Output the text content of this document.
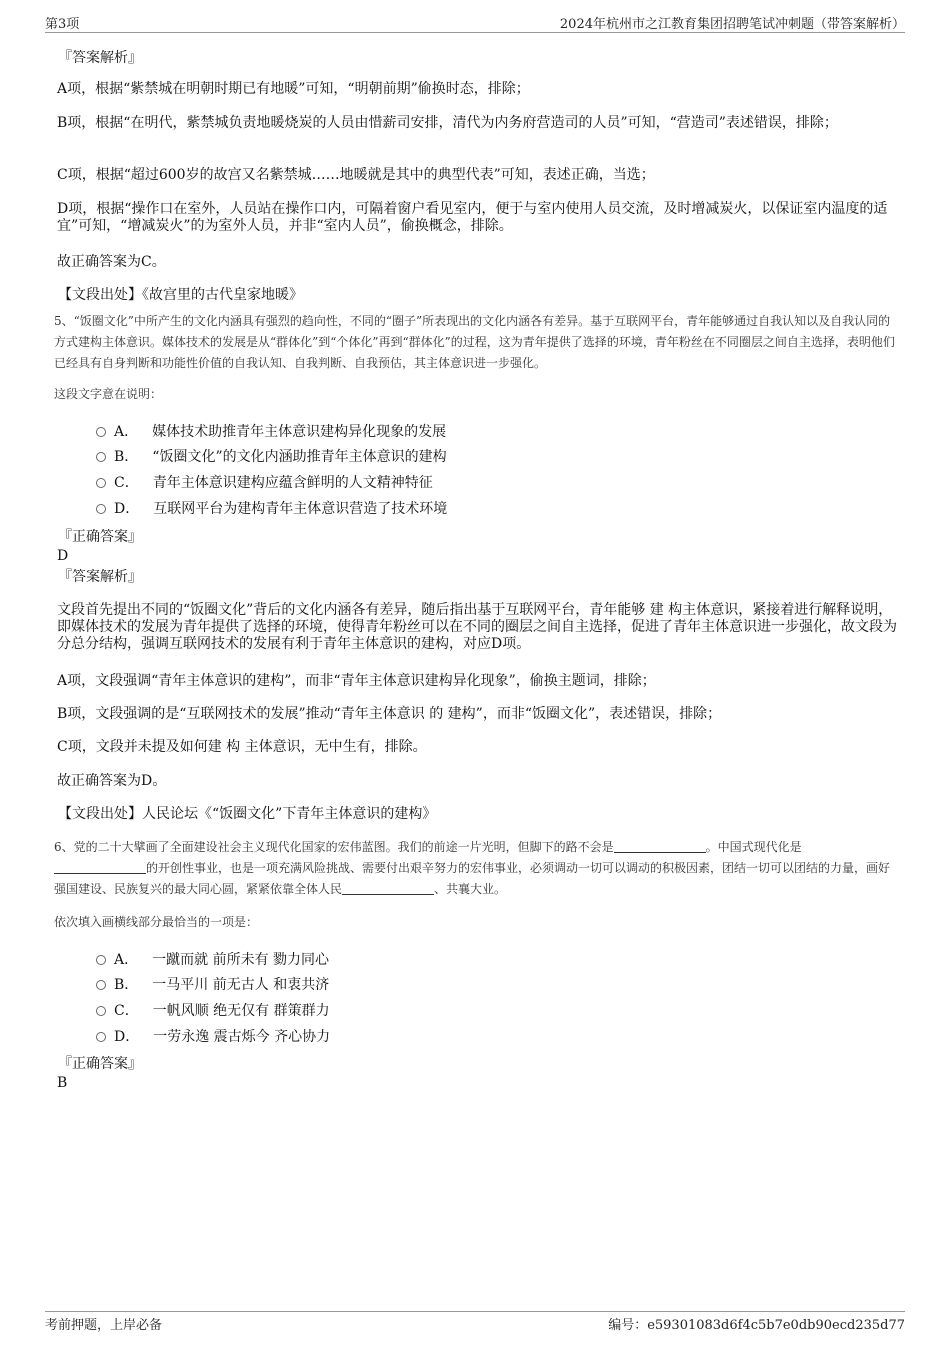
第3项	2024年杭州市之江教育集团招聘笔试冲刺题（带答案解析）
『答案解析』
A项，根据“紫禁城在明朝时期已有地暖”可知，“明朝前期”偷换时态，排除；
B项，根据“在明代，紫禁城负责地暖烧炭的人员由惜薪司安排，清代为内务府营造司的人员”可知，“营造司”表述错误，排除；
C项，根据“超过600岁的故宫又名紫禁城……地暖就是其中的典型代表”可知，表述正确，当选；
D项，根据“操作口在室外，人员站在操作口内，可隔着窗户看见室内，便于与室内使用人员交流，及时增减炭火，以保证室内温度的适宜”可知，“增减炭火”的为室外人员，并非“室内人员”，偷换概念，排除。
故正确答案为C。
【文段出处】《故宫里的古代皇家地暖》
5、“饭圈文化”中所产生的文化内涵具有强烈的趋向性，不同的“圈子”所表现出的文化内涵各有差异。基于互联网平台，青年能够通过自我认知以及自我认同的方式建构主体意识。媒体技术的发展是从“群体化”到“个体化”再到“群体化”的过程，这为青年提供了选择的环境，青年粉丝在不同圈层之间自主选择，表明他们已经具有自身判断和功能性价值的自我认知、自我判断、自我预估，其主体意识进一步强化。
这段文字意在说明：
A． 媒体技术助推青年主体意识建构异化现象的发展
B． “饭圈文化”的文化内涵助推青年主体意识的建构
C． 青年主体意识建构应蕴含鲜明的人文精神特征
D． 互联网平台为建构青年主体意识营造了技术环境
『正确答案』
D
『答案解析』
文段首先提出不同的“饭圈文化”背后的文化内涵各有差异，随后指出基于互联网平台，青年能够 建 构主体意识，紧接着进行解释说明，即媒体技术的发展为青年提供了选择的环境，使得青年粉丝可以在不同的圈层之间自主选择，促进了青年主体意识进一步强化，故文段为分总分结构，强调互联网技术的发展有利于青年主体意识的建构，对应D项。
A项，文段强调“青年主体意识的建构”，而非“青年主体意识建构异化现象”，偷换主题词，排除；
B项，文段强调的是“互联网技术的发展”推动“青年主体意识 的 建构”，而非“饭圈文化”，表述错误，排除；
C项，文段并未提及如何建 构 主体意识，无中生有，排除。
故正确答案为D。
【文段出处】人民论坛《“饭圈文化”下青年主体意识的建构》
6、党的二十大擘画了全面建设社会主义现代化国家的宏伟蓝图。我们的前途一片光明，但脚下的路不会是	。中国式现代化是
的开创性事业，也是一项充满风险挑战、需要付出艰辛努力的宏伟事业，必须调动一切可以调动的积极因素，团结一切可以团结的力量，画好强国建设、民族复兴的最大同心圆，紧紧依靠全体人民	、共襄大业。
依次填入画横线部分最恰当的一项是：
A． 一蹴而就 前所未有 勠力同心
B． 一马平川 前无古人 和衷共济
C． 一帆风顺 绝无仅有 群策群力
D． 一劳永逸 震古烁今 齐心协力
『正确答案』
B
考前押题，上岸必备	编号：e59301083d6f4c5b7e0db90ecd235d77
